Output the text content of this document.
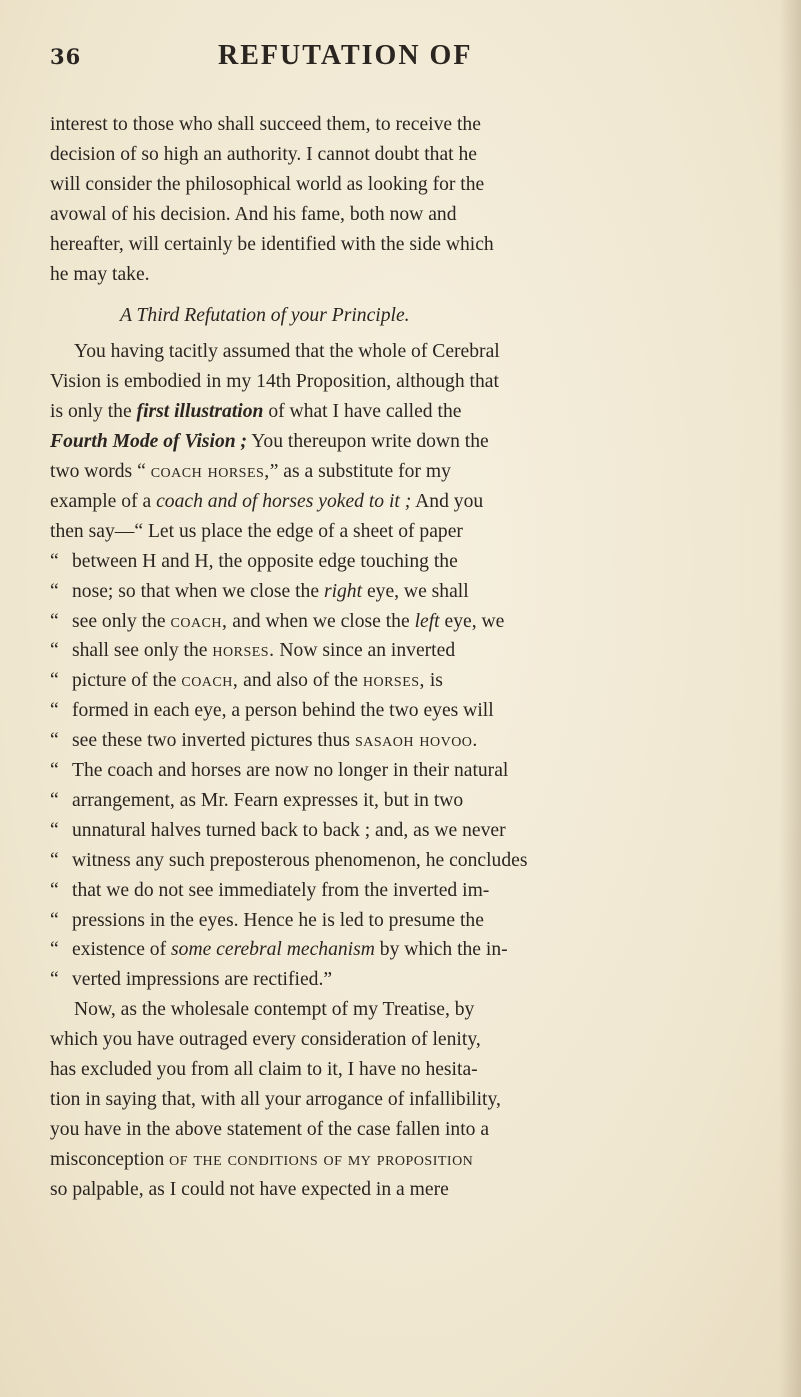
36	REFUTATION OF
interest to those who shall succeed them, to receive the
decision of so high an authority. I cannot doubt that he
will consider the philosophical world as looking for the
avowal of his decision. And his fame, both now and
hereafter, will certainly be identified with the side which
he may take.
A Third Refutation of your Principle.
You having tacitly assumed that the whole of Cerebral
Vision is embodied in my 14th Proposition, although that
is only the first illustration of what I have called the
Fourth Mode of Vision ; You thereupon write down the
two words “ coach horses,” as a substitute for my
example of a coach and of horses yoked to it ; And you
then say—“ Let us place the edge of a sheet of paper
“ between H and H, the opposite edge touching the
“ nose; so that when we close the right eye, we shall
“ see only the coach, and when we close the left eye, we
“ shall see only the horses. Now since an inverted
“ picture of the coach, and also of the horses, is
“ formed in each eye, a person behind the two eyes will
“ see these two inverted pictures thus sasaoh hovoo.
“ The coach and horses are now no longer in their natural
“ arrangement, as Mr. Fearn expresses it, but in two
“ unnatural halves turned back to back ; and, as we never
“ witness any such preposterous phenomenon, he concludes
“ that we do not see immediately from the inverted im-
“ pressions in the eyes. Hence he is led to presume the
“ existence of some cerebral mechanism by which the in-
“ verted impressions are rectified.”
Now, as the wholesale contempt of my Treatise, by
which you have outraged every consideration of lenity,
has excluded you from all claim to it, I have no hesita-
tion in saying that, with all your arrogance of infallibility,
you have in the above statement of the case fallen into a
misconception of the conditions of my proposition
so palpable, as I could not have expected in a mere
